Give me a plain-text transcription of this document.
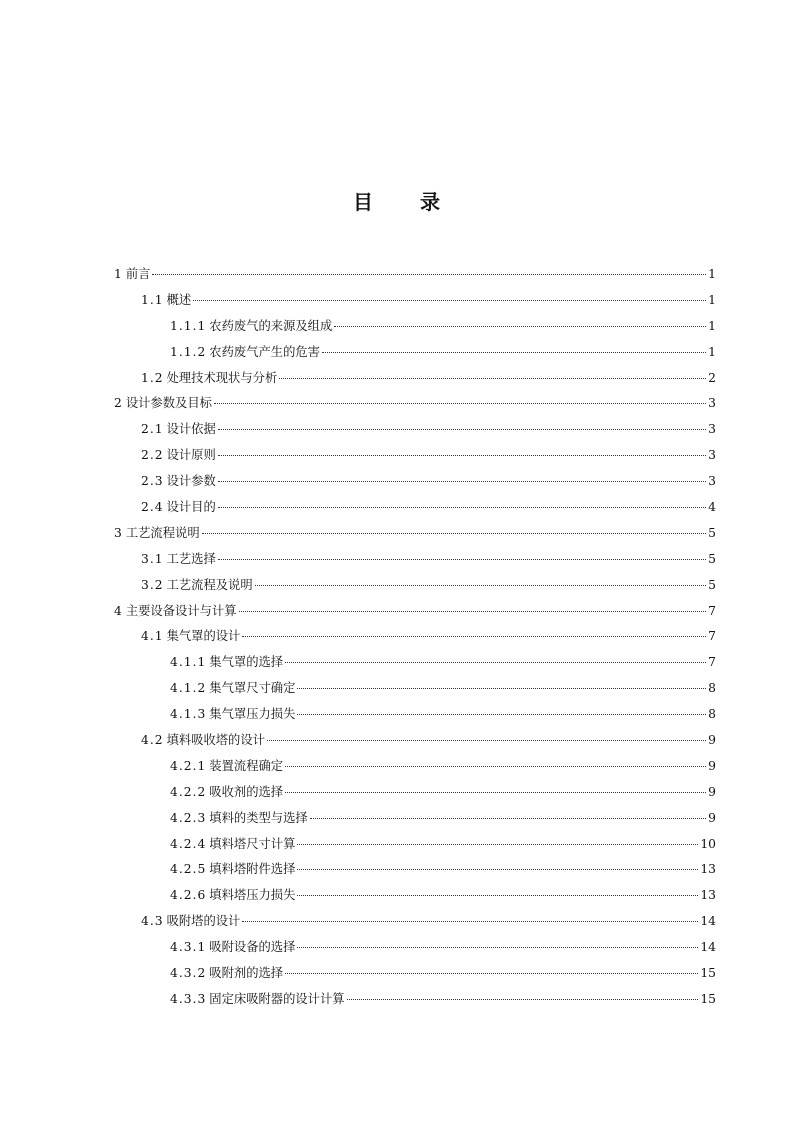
目 录
1 前言	1
1.1 概述	1
1.1.1 农药废气的来源及组成	1
1.1.2 农药废气产生的危害	1
1.2 处理技术现状与分析	2
2 设计参数及目标	3
2.1 设计依据	3
2.2 设计原则	3
2.3 设计参数	3
2.4 设计目的	4
3 工艺流程说明	5
3.1 工艺选择	5
3.2 工艺流程及说明	5
4 主要设备设计与计算	7
4.1 集气罩的设计	7
4.1.1 集气罩的选择	7
4.1.2 集气罩尺寸确定	8
4.1.3 集气罩压力损失	8
4.2 填料吸收塔的设计	9
4.2.1 装置流程确定	9
4.2.2 吸收剂的选择	9
4.2.3 填料的类型与选择	9
4.2.4 填料塔尺寸计算	10
4.2.5 填料塔附件选择	13
4.2.6 填料塔压力损失	13
4.3 吸附塔的设计	14
4.3.1 吸附设备的选择	14
4.3.2 吸附剂的选择	15
4.3.3 固定床吸附器的设计计算	15
